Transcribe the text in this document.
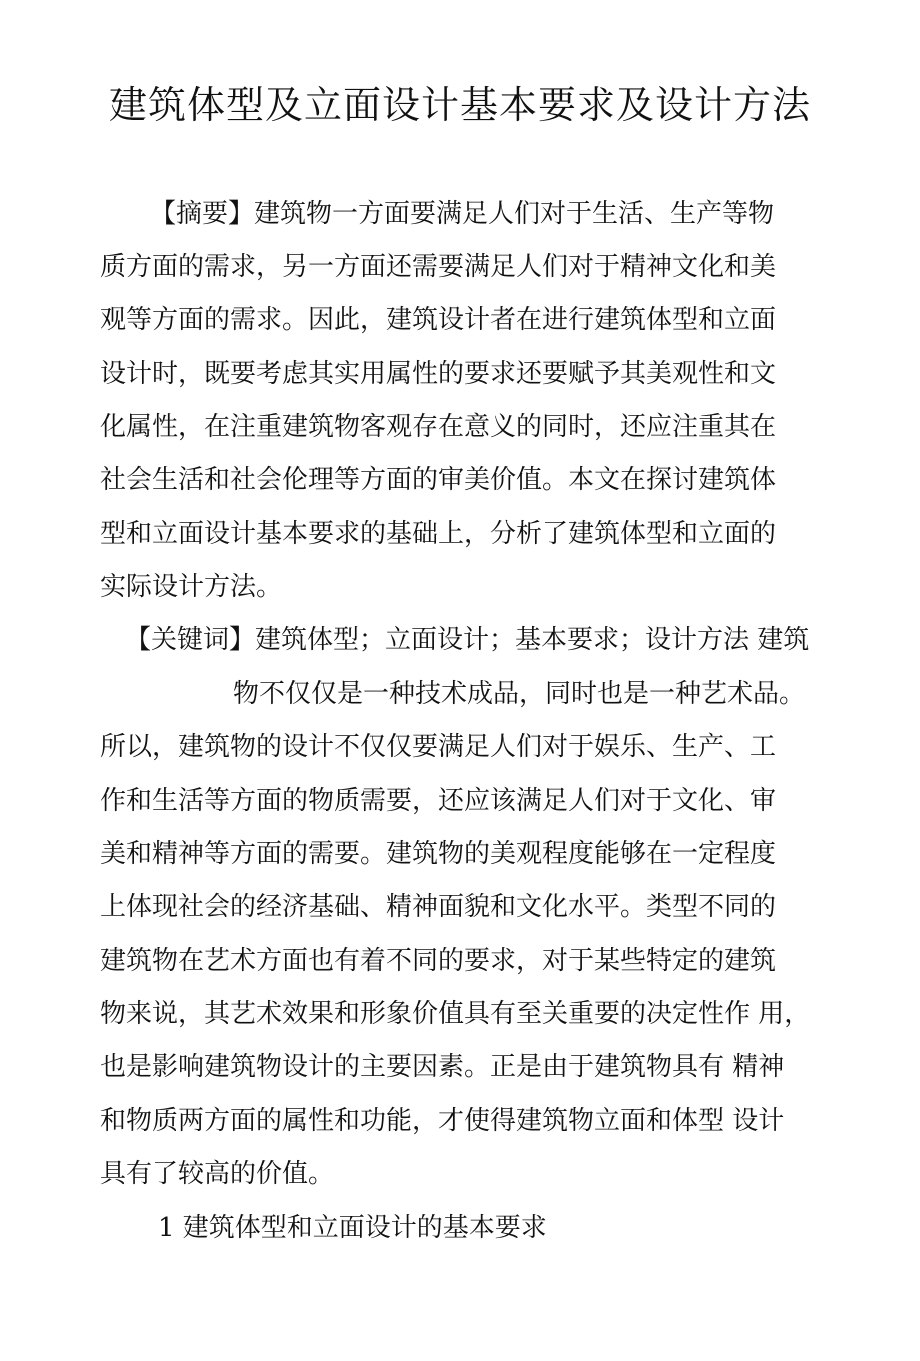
建筑体型及立面设计基本要求及设计方法
【摘要】建筑物一方面要满足人们对于生活、生产等物
质方面的需求，另一方面还需要满足人们对于精神文化和美
观等方面的需求。因此，建筑设计者在进行建筑体型和立面
设计时，既要考虑其实用属性的要求还要赋予其美观性和文
化属性，在注重建筑物客观存在意义的同时，还应注重其在
社会生活和社会伦理等方面的审美价值。本文在探讨建筑体
型和立面设计基本要求的基础上，分析了建筑体型和立面的
实际设计方法。
【关键词】建筑体型；立面设计；基本要求；设计方法 建筑
物不仅仅是一种技术成品，同时也是一种艺术品。
所以，建筑物的设计不仅仅要满足人们对于娱乐、生产、工
作和生活等方面的物质需要，还应该满足人们对于文化、审
美和精神等方面的需要。建筑物的美观程度能够在一定程度
上体现社会的经济基础、精神面貌和文化水平。类型不同的
建筑物在艺术方面也有着不同的要求，对于某些特定的建筑
物来说，其艺术效果和形象价值具有至关重要的决定性作 用，
也是影响建筑物设计的主要因素。正是由于建筑物具有 精神
和物质两方面的属性和功能，才使得建筑物立面和体型 设计
具有了较高的价值。
1 建筑体型和立面设计的基本要求
